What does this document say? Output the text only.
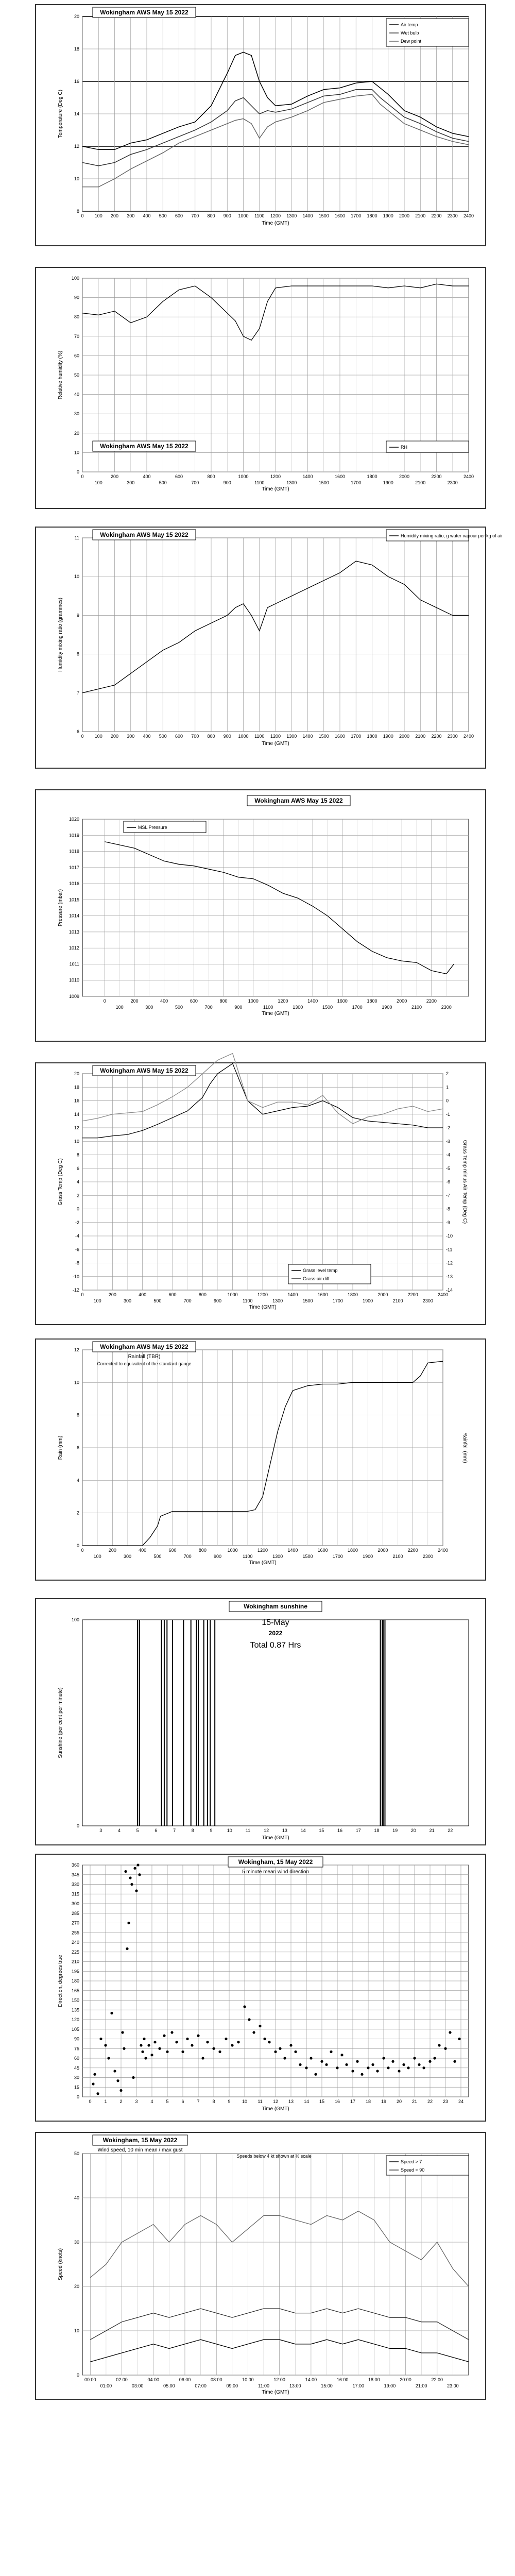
8
10
12
14
16
18
20
0 100 200 300 400 500 600 700 800 900 1000 1100 1200 1300 1400 1500 1600 1700 1800 1900 2000 2100 2200 2300 2400
Time (GMT)
Temperature (Deg C)
Wokingham AWS May 15 2022
Air temp
Wet bulb
Dew point
0
10
20
30
40
50
60
70
80
90
100
0	200	400	600	800	1000	1200	1400	1600	1800	2000	2200	2400
100	300	500	700	900	1100	1300	1500	1700	1900	2100	2300
Time (GMT)
Relative humidity (%)
Wokingham AWS May 15 2022	RH
6
7
8
9
10
11
0 100 200 300 400 500 600 700 800 900 1000 1100 1200 1300 1400 1500 1600 1700 1800 1900 2000 2100 2200 2300 2400
Time (GMT)
Humidity mixing ratio (grammes)
Wokingham AWS May 15 2022	Humidity mixing ratio, g water vapour per kg of air
1009
1010
1011
1012
1013
1014
1015
1016
1017
1018
1019
1020
0	200	400	600	800	1000	1200	1400	1600	1800	2000	2200
100	300	500	700	900	1100	1300	1500	1700	1900	2100	2300
Time (GMT)
Pressure (mbar)
Wokingham AWS May 15 2022
MSL Pressure
-12
-10
-8
-6
-4
-2
0
2
4
6
8
10
12
14
16
18
20
-14
-13
-12
-11
-10
-9
-8
-7
-6
-5
-4
-3
-2
-1
0
1
2
0	200	400	600	800	1000	1200	1400	1600	1800	2000	2200	2400
100	300	500	700	900	1100	1300	1500	1700	1900	2100	2300
Time (GMT)
Grass Temp (Deg C)	Grass Temp minus Air Temp (Deg C)
Wokingham AWS May 15 2022
Grass level temp
Grass-air diff
0
2
4
6
8
10
12
0	200	400	600	800	1000	1200	1400	1600	1800	2000	2200	2400
100	300	500	700	900	1100	1300	1500	1700	1900	2100	2300
Time (GMT)
Rain (mm)	Rainfall (mm)
Wokingham AWS May 15 2022
Rainfall (TBR)
Corrected to equivalent of the standard gauge
0
100
3	4	5	6	7	8	9	10	11	12	13	14	15	16	17	18	19	20	21	22
Time (GMT)
Sunshine (per cent per minute)
Wokingham sunshine
15-May
2022
Total 0.87 Hrs
0
15
30
45
60
75
90
105
120
135
150
165
180
195
210
225
240
255
270
285
300
315
330
345
360
0	1	2	3	4	5	6	7	8	9 10 11 12 13 14 15 16 17 18 19 20 21 22 23 24
Time (GMT)
Direction, degrees true
Wokingham, 15 May 2022
5 minute mean wind direction
0
10
20
30
40
50
00:00	02:00	04:00	06:00	08:00	10:00	12:00	14:00	16:00	18:00	20:00	22:00
01:00	03:00	05:00	07:00	09:00	11:00	13:00	15:00	17:00	19:00	21:00	23:00
Time (GMT)
Speed (knots)
Wokingham, 15 May 2022
Wind speed, 10 min mean / max gust
Speeds below 4 kt shown at ½ scale
Speed > 7
Speed < 90
